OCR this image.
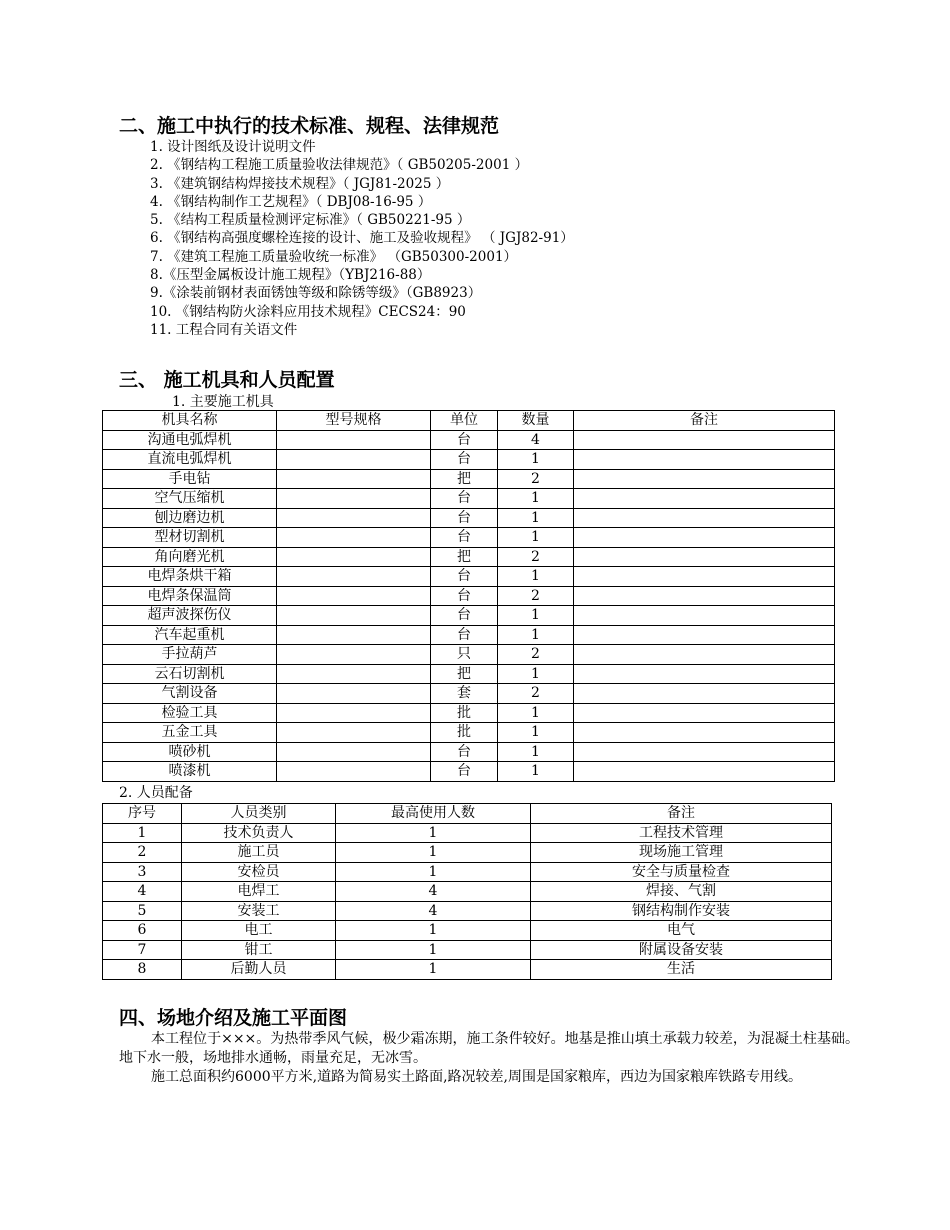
二、施工中执行的技术标准、规程、法律规范
1. 设计图纸及设计说明文件
2. 《钢结构工程施工质量验收法律规范》（ GB50205-2001 ）
3. 《建筑钢结构焊接技术规程》（ JGJ81-2025 ）
4. 《钢结构制作工艺规程》（ DBJ08-16-95 ）
5. 《结构工程质量检测评定标准》（ GB50221-95 ）
6. 《钢结构高强度螺栓连接的设计、施工及验收规程》 （ JGJ82-91）
7. 《建筑工程施工质量验收统一标准》 （GB50300-2001）
8.《压型金属板设计施工规程》（YBJ216-88）
9.《涂装前钢材表面锈蚀等级和除锈等级》（GB8923）
10. 《钢结构防火涂料应用技术规程》CECS24：90
11. 工程合同有关语文件
三、 施工机具和人员配置
1. 主要施工机具
机具名称	型号规格	单位	数量	备注
沟通电弧焊机		台	4	
直流电弧焊机		台	1	
手电钻		把	2	
空气压缩机		台	1	
刨边磨边机		台	1	
型材切割机		台	1	
角向磨光机		把	2	
电焊条烘干箱		台	1	
电焊条保温筒		台	2	
超声波探伤仪		台	1	
汽车起重机		台	1	
手拉葫芦		只	2	
云石切割机		把	1	
气割设备		套	2	
检验工具		批	1	
五金工具		批	1	
喷砂机		台	1	
喷漆机		台	1	
2. 人员配备
序号	人员类别	最高使用人数	备注
1	技术负责人	1	工程技术管理
2	施工员	1	现场施工管理
3	安检员	1	安全与质量检查
4	电焊工	4	焊接、气割
5	安装工	4	钢结构制作安装
6	电工	1	电气
7	钳工	1	附属设备安装
8	后勤人员	1	生活
四、场地介绍及施工平面图

本工程位于×××。为热带季风气候，极少霜冻期，施工条件较好。地基是推山填土承载力较差，为混凝土柱基础。地下水一般，场地排水通畅，雨量充足，无冰雪。

施工总面积约6000平方米,道路为简易实土路面,路况较差,周围是国家粮库，西边为国家粮库铁路专用线。
